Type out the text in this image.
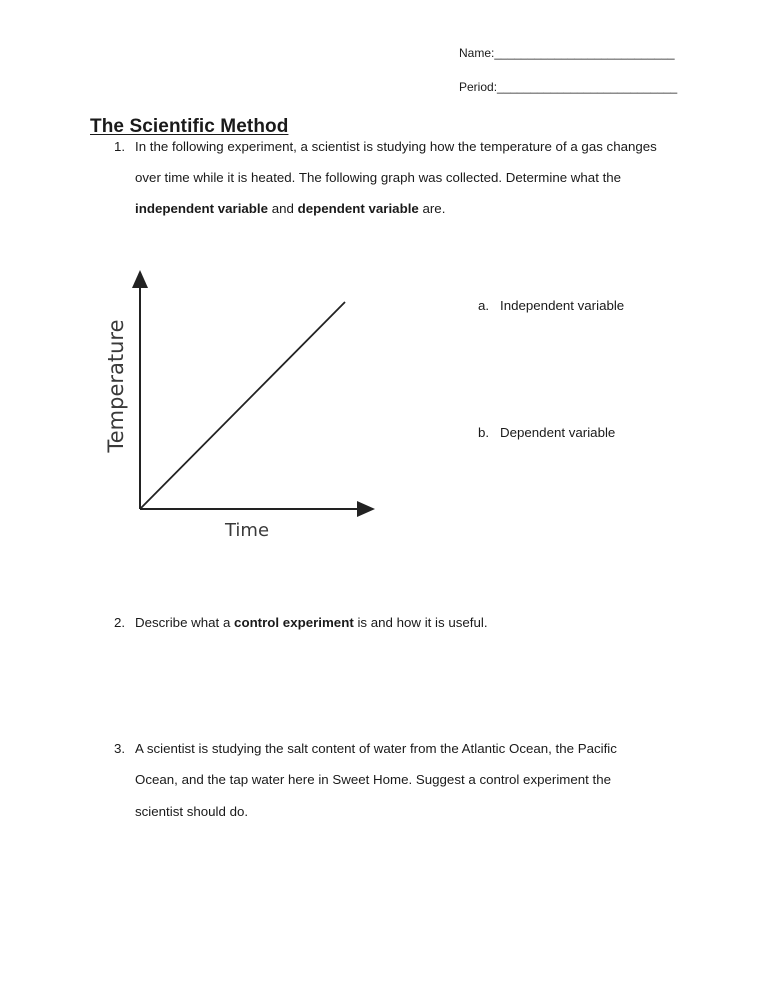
Name:___________________________
Period:___________________________
The Scientific Method
1. In the following experiment, a scientist is studying how the temperature of a gas changes
over time while it is heated. The following graph was collected. Determine what the
independent variable and dependent variable are.
Time
Temperature
a. Independent variable
b. Dependent variable
2. Describe what a control experiment is and how it is useful.
3. A scientist is studying the salt content of water from the Atlantic Ocean, the Pacific
Ocean, and the tap water here in Sweet Home. Suggest a control experiment the
scientist should do.
